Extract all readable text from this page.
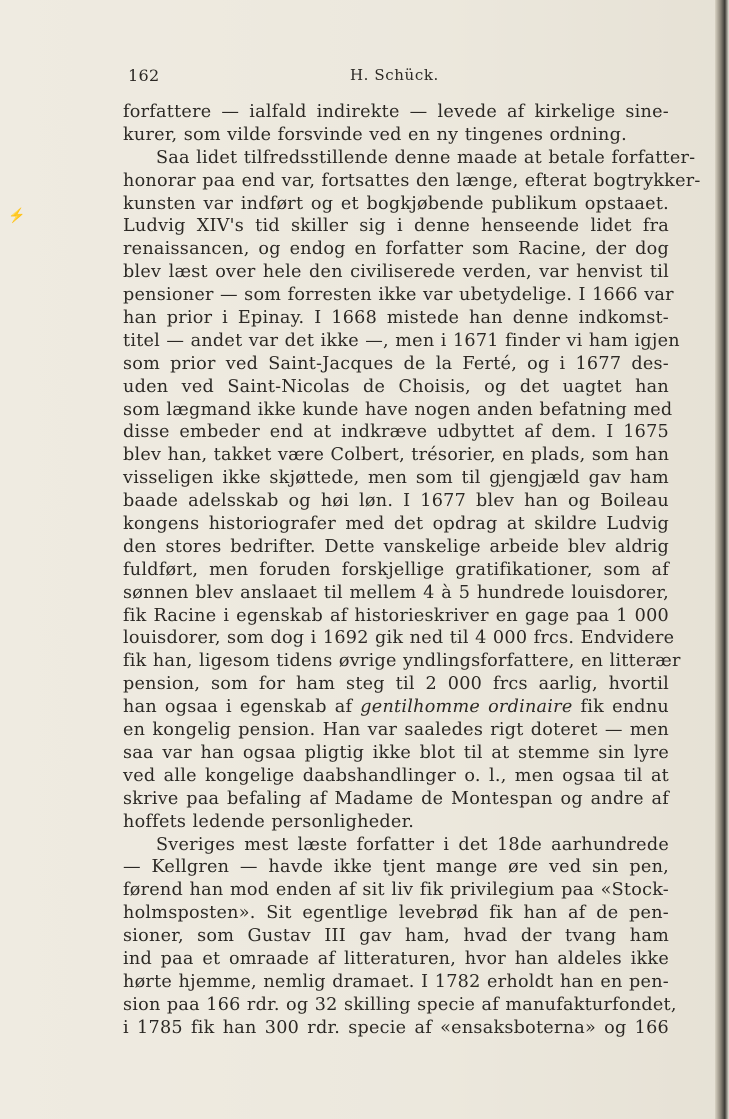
⚡
162	H. Schück.
forfattere — ialfald indirekte — levede af kirkelige sine-
kurer, som vilde forsvinde ved en ny tingenes ordning.
Saa lidet tilfredsstillende denne maade at betale forfatter-
honorar paa end var, fortsattes den længe, efterat bogtrykker-
kunsten var indført og et bogkjøbende publikum opstaaet.
Ludvig XIV's tid skiller sig i denne henseende lidet fra
renaissancen, og endog en forfatter som Racine, der dog
blev læst over hele den civiliserede verden, var henvist til
pensioner — som forresten ikke var ubetydelige. I 1666 var
han prior i Epinay. I 1668 mistede han denne indkomst-
titel — andet var det ikke —, men i 1671 finder vi ham igjen
som prior ved Saint-Jacques de la Ferté, og i 1677 des-
uden ved Saint-Nicolas de Choisis, og det uagtet han
som lægmand ikke kunde have nogen anden befatning med
disse embeder end at indkræve udbyttet af dem. I 1675
blev han, takket være Colbert, trésorier, en plads, som han
visseligen ikke skjøttede, men som til gjengjæld gav ham
baade adelsskab og høi løn. I 1677 blev han og Boileau
kongens historiografer med det opdrag at skildre Ludvig
den stores bedrifter. Dette vanskelige arbeide blev aldrig
fuldført, men foruden forskjellige gratifikationer, som af
sønnen blev anslaaet til mellem 4 à 5 hundrede louisdorer,
fik Racine i egenskab af historieskriver en gage paa 1 000
louisdorer, som dog i 1692 gik ned til 4 000 frcs. Endvidere
fik han, ligesom tidens øvrige yndlingsforfattere, en litterær
pension, som for ham steg til 2 000 frcs aarlig, hvortil
han ogsaa i egenskab af gentilhomme ordinaire fik endnu
en kongelig pension. Han var saaledes rigt doteret — men
saa var han ogsaa pligtig ikke blot til at stemme sin lyre
ved alle kongelige daabshandlinger o. l., men ogsaa til at
skrive paa befaling af Madame de Montespan og andre af
hoffets ledende personligheder.
Sveriges mest læste forfatter i det 18de aarhundrede
— Kellgren — havde ikke tjent mange øre ved sin pen,
førend han mod enden af sit liv fik privilegium paa «Stock-
holmsposten». Sit egentlige levebrød fik han af de pen-
sioner, som Gustav III gav ham, hvad der tvang ham
ind paa et omraade af litteraturen, hvor han aldeles ikke
hørte hjemme, nemlig dramaet. I 1782 erholdt han en pen-
sion paa 166 rdr. og 32 skilling specie af manufakturfondet,
i 1785 fik han 300 rdr. specie af «ensaksboterna» og 166
